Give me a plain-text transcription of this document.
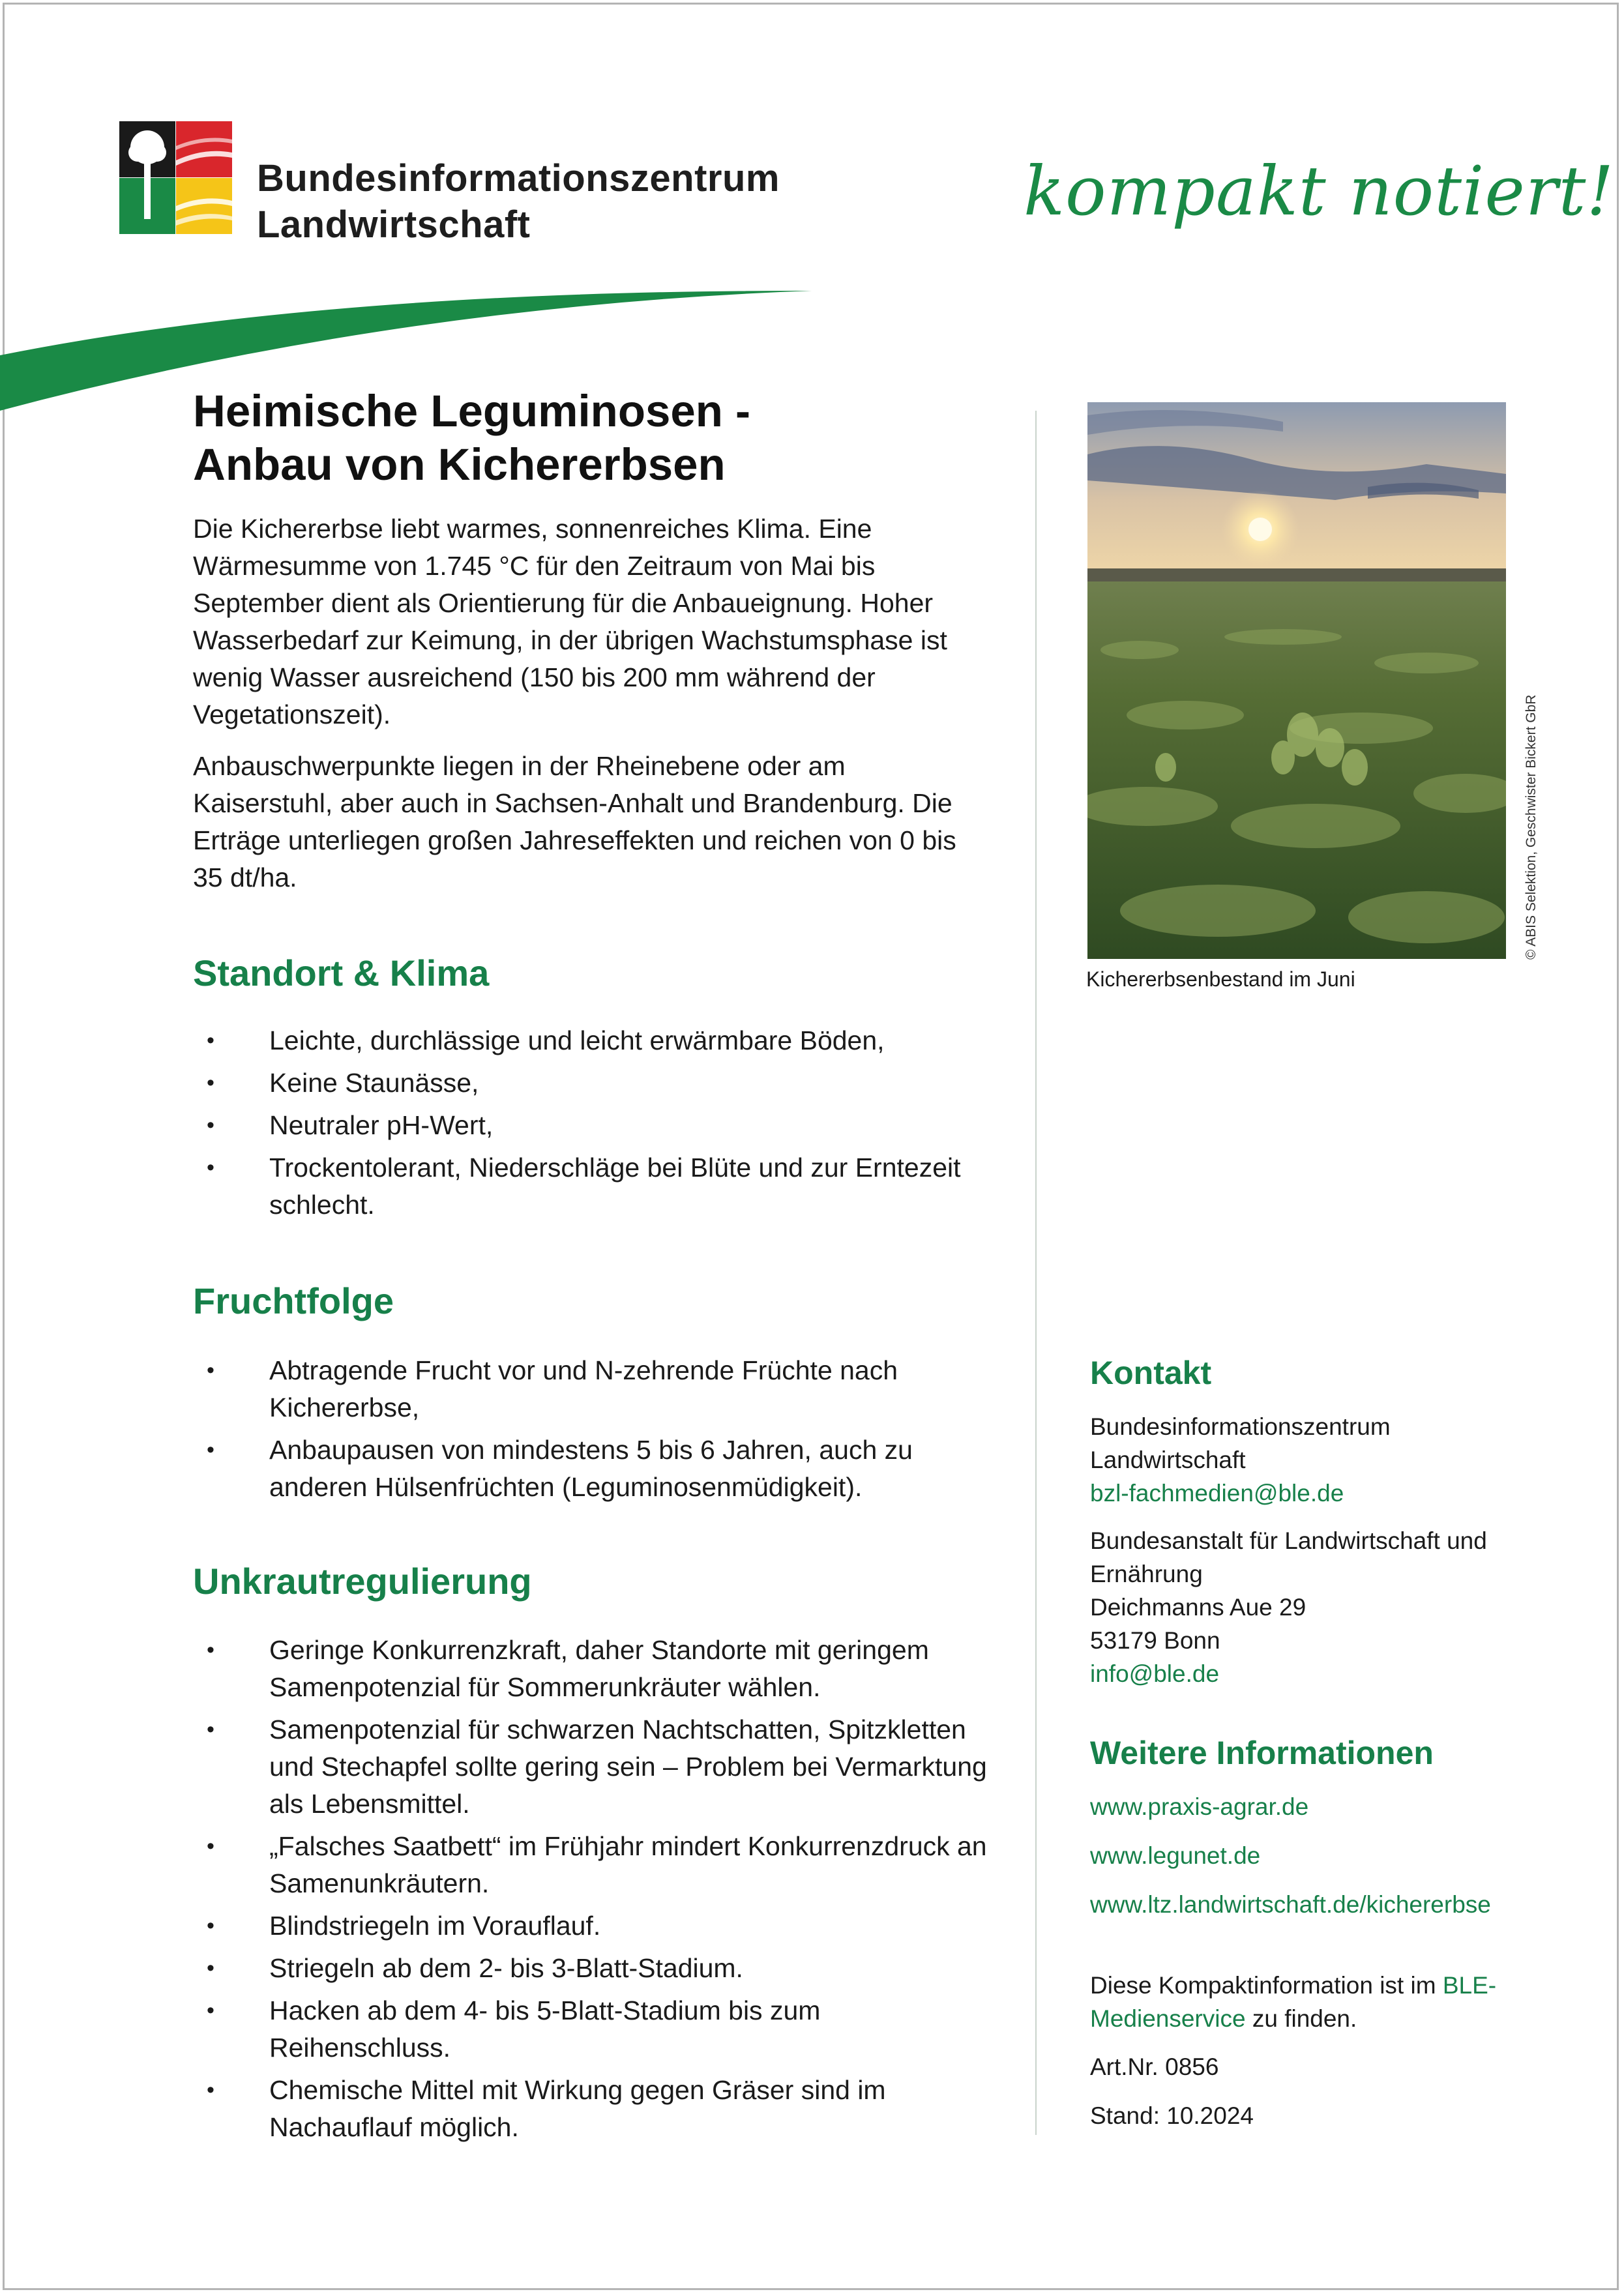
Bundesinformationszentrum
Landwirtschaft	kompakt notiert!
Heimische Leguminosen -
Anbau von Kichererbsen

Die Kichererbse liebt warmes, sonnenreiches Klima. Eine Wärmesumme von 1.745 °C für den Zeitraum von Mai bis September dient als Orientierung für die Anbaueignung. Hoher Wasserbedarf zur Keimung, in der übrigen Wachstumsphase ist wenig Wasser ausreichend (150 bis 200 mm während der Vegetationszeit).

Anbauschwerpunkte liegen in der Rheinebene oder am Kaiserstuhl, aber auch in Sachsen-Anhalt und Brandenburg. Die Erträge unterliegen großen Jahreseffekten und reichen von 0 bis 35 dt/ha.

Standort & Klima
• Leichte, durchlässige und leicht erwärmbare Böden,
• Keine Staunässe,
• Neutraler pH-Wert,
• Trockentolerant, Niederschläge bei Blüte und zur Erntezeit schlecht.
Fruchtfolge
• Abtragende Frucht vor und N-zehrende Früchte nach Kichererbse,
• Anbaupausen von mindestens 5 bis 6 Jahren, auch zu anderen Hülsenfrüchten (Leguminosenmüdigkeit).
Unkrautregulierung
• Geringe Konkurrenzkraft, daher Standorte mit geringem Samenpotenzial für Sommerunkräuter wählen.
• Samenpotenzial für schwarzen Nachtschatten, Spitzkletten und Stechapfel sollte gering sein – Problem bei Vermarktung als Lebensmittel.
• „Falsches Saatbett“ im Frühjahr mindert Konkurrenzdruck an Samenunkräutern.
• Blindstriegeln im Vorauflauf.
• Striegeln ab dem 2- bis 3-Blatt-Stadium.
• Hacken ab dem 4- bis 5-Blatt-Stadium bis zum Reihenschluss.
• Chemische Mittel mit Wirkung gegen Gräser sind im Nachauflauf möglich.
Kichererbsenbestand im Juni
© ABIS Selektion, Geschwister Bickert GbR
Kontakt

Bundesinformationszentrum
Landwirtschaft
bzl-fachmedien@ble.de

Bundesanstalt für Landwirtschaft und
Ernährung
Deichmanns Aue 29
53179 Bonn
info@ble.de

Weitere Informationen
www.praxis-agrar.de
www.legunet.de
www.ltz.landwirtschaft.de/kichererbse

Diese Kompaktinformation ist im BLE-Medienservice zu finden.

Art.Nr. 0856
Stand: 10.2024
